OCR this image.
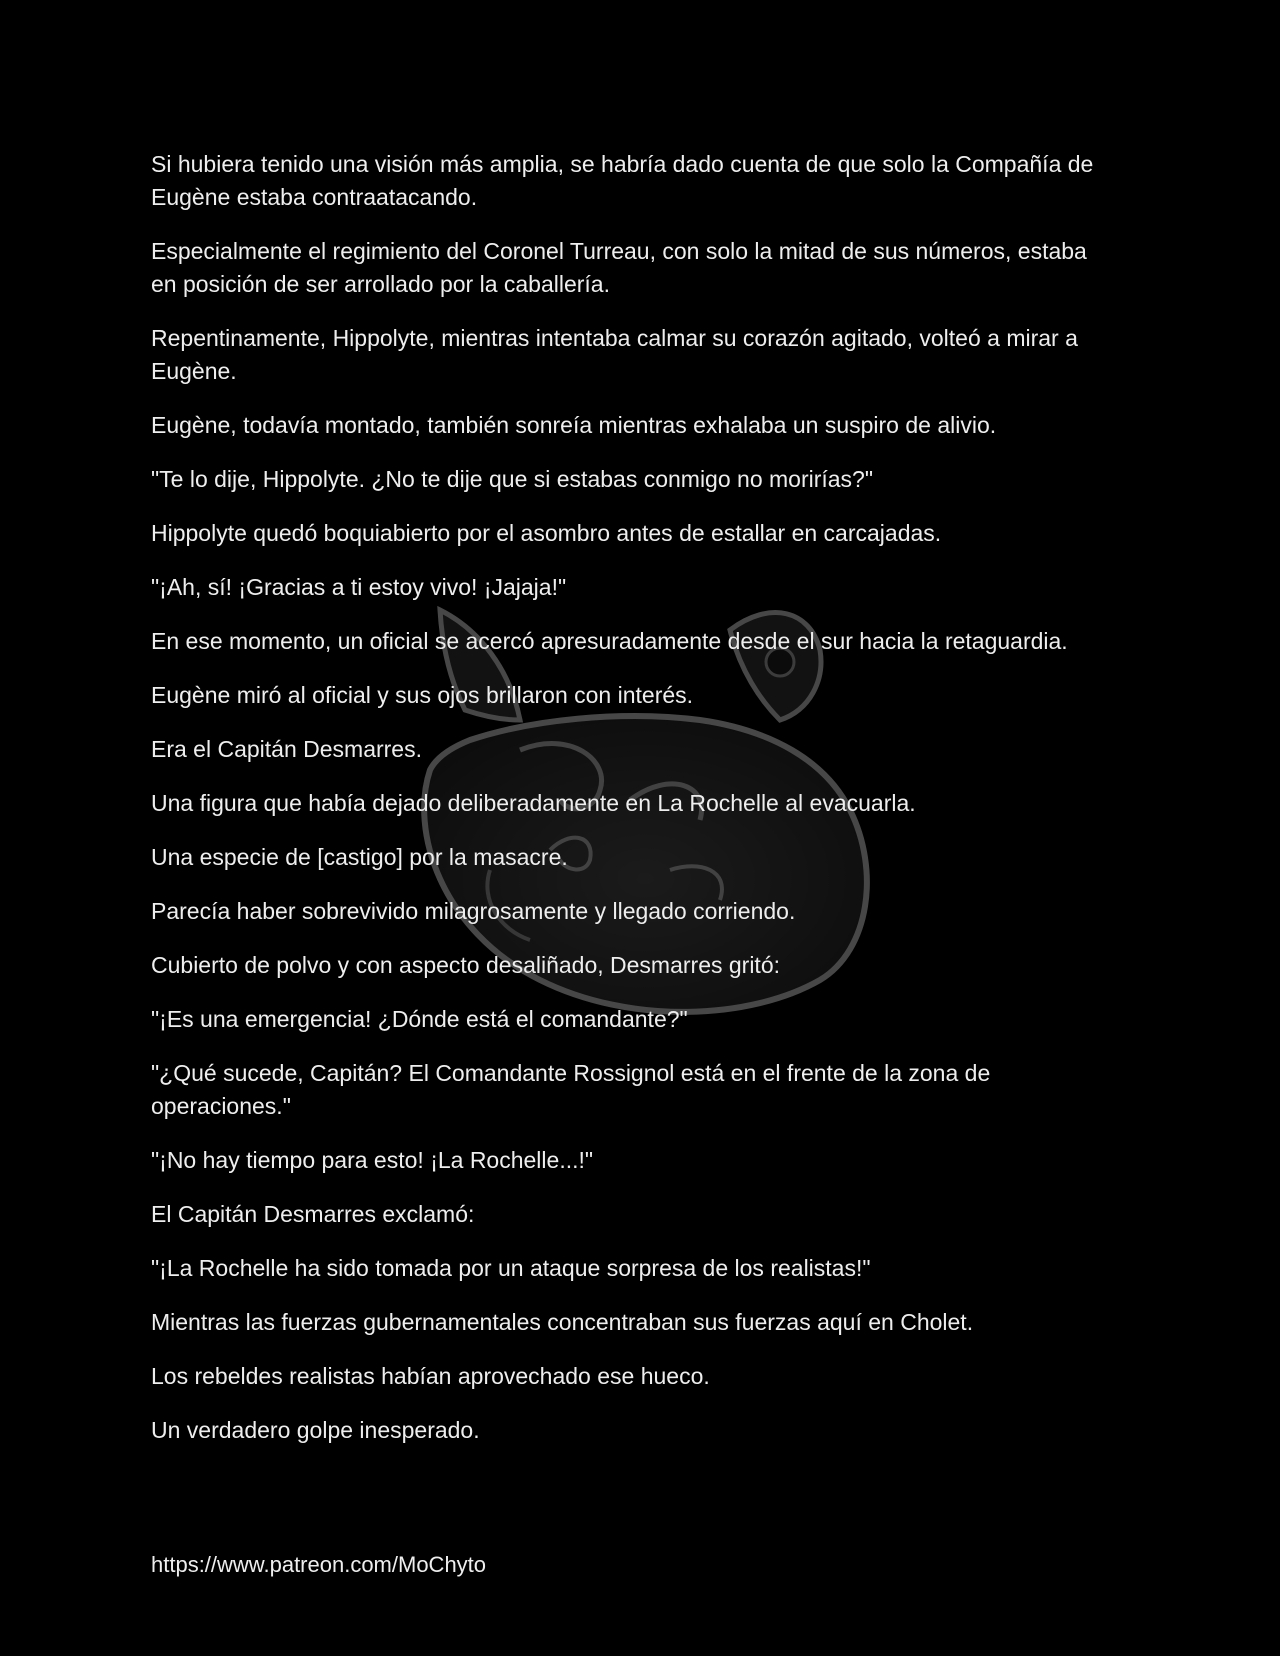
Si hubiera tenido una visión más amplia, se habría dado cuenta de que solo la Compañía de Eugène estaba contraatacando.

Especialmente el regimiento del Coronel Turreau, con solo la mitad de sus números, estaba en posición de ser arrollado por la caballería.

Repentinamente, Hippolyte, mientras intentaba calmar su corazón agitado, volteó a mirar a Eugène.

Eugène, todavía montado, también sonreía mientras exhalaba un suspiro de alivio.

"Te lo dije, Hippolyte. ¿No te dije que si estabas conmigo no morirías?"

Hippolyte quedó boquiabierto por el asombro antes de estallar en carcajadas.

"¡Ah, sí! ¡Gracias a ti estoy vivo! ¡Jajaja!"

En ese momento, un oficial se acercó apresuradamente desde el sur hacia la retaguardia.

Eugène miró al oficial y sus ojos brillaron con interés.

Era el Capitán Desmarres.

Una figura que había dejado deliberadamente en La Rochelle al evacuarla.

Una especie de [castigo] por la masacre.

Parecía haber sobrevivido milagrosamente y llegado corriendo.

Cubierto de polvo y con aspecto desaliñado, Desmarres gritó:

"¡Es una emergencia! ¿Dónde está el comandante?"

"¿Qué sucede, Capitán? El Comandante Rossignol está en el frente de la zona de operaciones."

"¡No hay tiempo para esto! ¡La Rochelle...!"

El Capitán Desmarres exclamó:

"¡La Rochelle ha sido tomada por un ataque sorpresa de los realistas!"

Mientras las fuerzas gubernamentales concentraban sus fuerzas aquí en Cholet.

Los rebeldes realistas habían aprovechado ese hueco.

Un verdadero golpe inesperado.

https://www.patreon.com/MoChyto
